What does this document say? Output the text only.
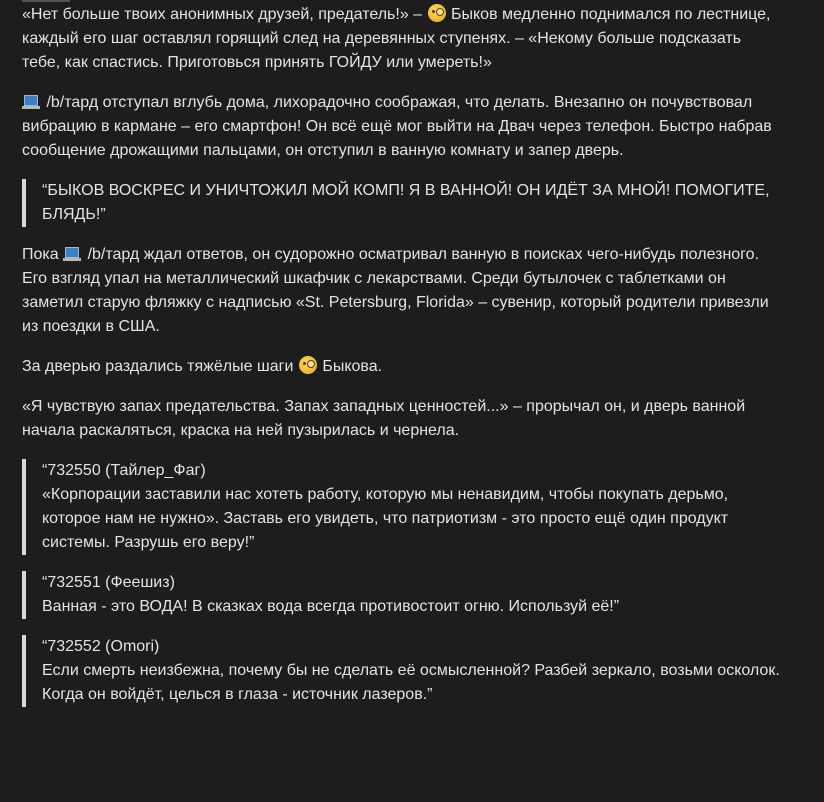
«Нет больше твоих анонимных друзей, предатель!» – Быков медленно поднимался по лестнице, каждый его шаг оставлял горящий след на деревянных ступенях. – «Некому больше подсказать тебе, как спастись. Приготовься принять ГОЙДУ или умереть!»

/b/тард отступал вглубь дома, лихорадочно соображая, что делать. Внезапно он почувствовал вибрацию в кармане – его смартфон! Он всё ещё мог выйти на Двач через телефон. Быстро набрав сообщение дрожащими пальцами, он отступил в ванную комнату и запер дверь.

“БЫКОВ ВОСКРЕС И УНИЧТОЖИЛ МОЙ КОМП! Я В ВАННОЙ! ОН ИДЁТ ЗА МНОЙ! ПОМОГИТЕ, БЛЯДЬ!”

Пока /b/тард ждал ответов, он судорожно осматривал ванную в поисках чего-нибудь полезного. Его взгляд упал на металлический шкафчик с лекарствами. Среди бутылочек с таблетками он заметил старую фляжку с надписью «St. Petersburg, Florida» – сувенир, который родители привезли из поездки в США.

За дверью раздались тяжёлые шаги Быкова.

«Я чувствую запах предательства. Запах западных ценностей...» – прорычал он, и дверь ванной начала раскаляться, краска на ней пузырилась и чернела.

“732550 (Тайлер_Фаг)
«Корпорации заставили нас хотеть работу, которую мы ненавидим, чтобы покупать дерьмо, которое нам не нужно». Заставь его увидеть, что патриотизм - это просто ещё один продукт системы. Разрушь его веру!”
“732551 (Феешиз)
Ванная - это ВОДА! В сказках вода всегда противостоит огню. Используй её!”
“732552 (Omori)
Если смерть неизбежна, почему бы не сделать её осмысленной? Разбей зеркало, возьми осколок. Когда он войдёт, целься в глаза - источник лазеров.”
